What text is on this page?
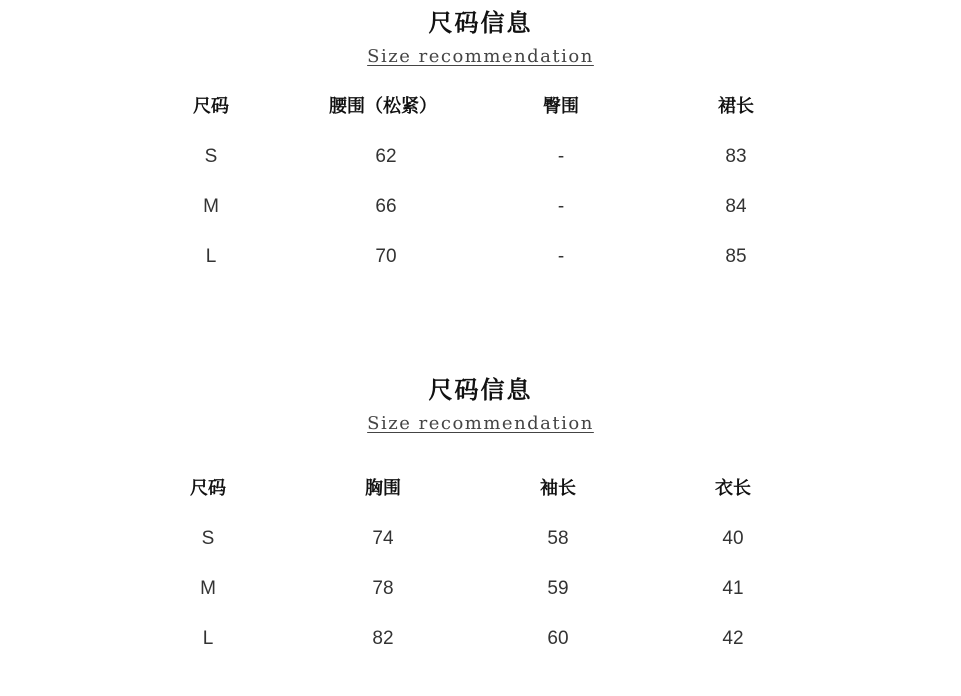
尺码信息
Size recommendation
尺码	腰围（松紧）	臀围	裙长
S	62	-	83
M	66	-	84
L	70	-	85
尺码信息
Size recommendation
尺码	胸围	袖长	衣长
S	74	58	40
M	78	59	41
L	82	60	42
